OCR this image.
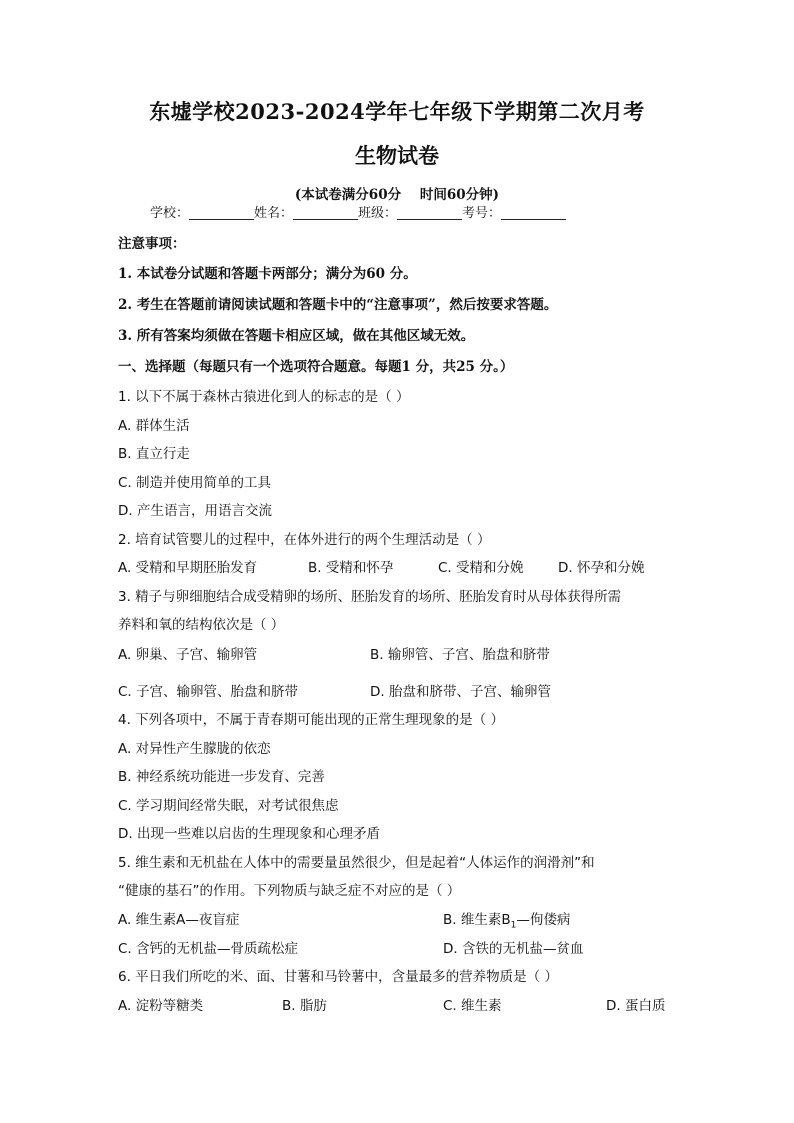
东墟学校2023-2024学年七年级下学期第二次月考
生物试卷
(本试卷满分60分    时间60分钟)
学校：__________姓名：__________班级：__________考号：__________
注意事项：
1. 本试卷分试题和答题卡两部分；满分为60 分。
2. 考生在答题前请阅读试题和答题卡中的“注意事项”，然后按要求答题。
3. 所有答案均须做在答题卡相应区域，做在其他区域无效。
一、选择题（每题只有一个选项符合题意。每题1 分，共25 分。）
1. 以下不属于森林古猿进化到人的标志的是（ ）
A. 群体生活
B. 直立行走
C. 制造并使用简单的工具
D. 产生语言，用语言交流
2. 培育试管婴儿的过程中，在体外进行的两个生理活动是（ ）
A. 受精和早期胚胎发育	B. 受精和怀孕	C. 受精和分娩	D. 怀孕和分娩
3. 精子与卵细胞结合成受精卵的场所、胚胎发育的场所、胚胎发育时从母体获得所需
养料和氧的结构依次是（ ）
A. 卵巢、子宫、输卵管	B. 输卵管、子宫、胎盘和脐带
C. 子宫、输卵管、胎盘和脐带	D. 胎盘和脐带、子宫、输卵管
4. 下列各项中，不属于青春期可能出现的正常生理现象的是（ ）
A. 对异性产生朦胧的依恋
B. 神经系统功能进一步发育、完善
C. 学习期间经常失眠，对考试很焦虑
D. 出现一些难以启齿的生理现象和心理矛盾
5. 维生素和无机盐在人体中的需要量虽然很少，但是起着“人体运作的润滑剂”和
“健康的基石”的作用。下列物质与缺乏症不对应的是（ ）
A. 维生素A—夜盲症	B. 维生素$B_1—$佝偻病
C. 含钙的无机盐—骨质疏松症	D. 含铁的无机盐—贫血
6. 平日我们所吃的米、面、甘薯和马铃薯中，含量最多的营养物质是（ ）
A. 淀粉等糖类	B. 脂肪	C. 维生素	D. 蛋白质
